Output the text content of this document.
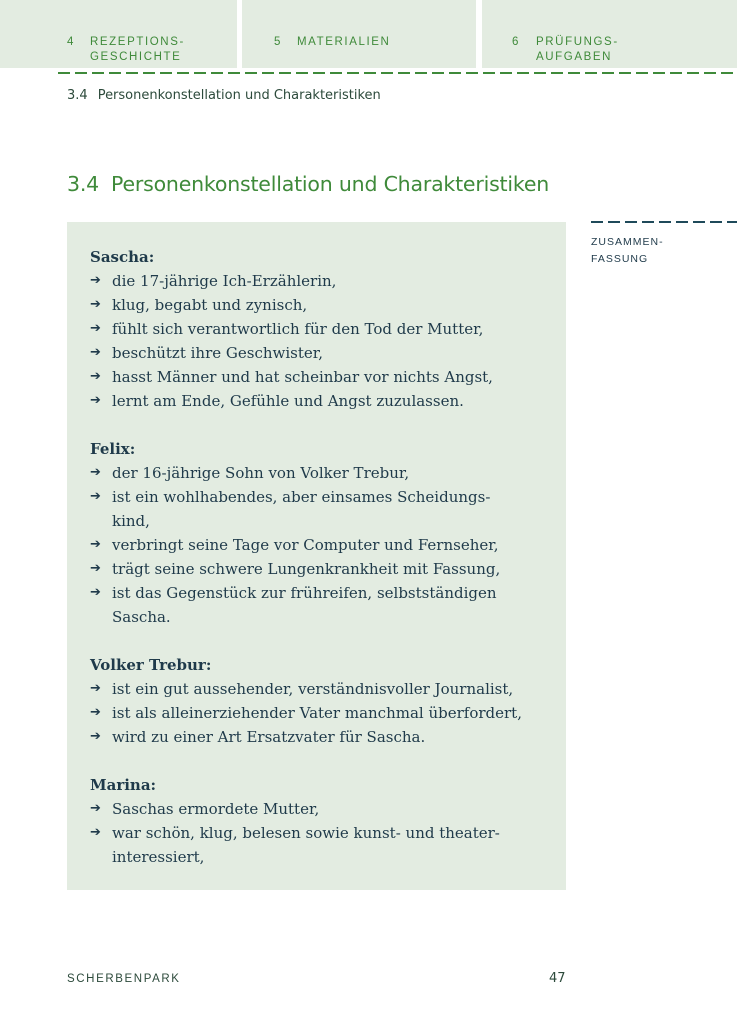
4 REZEPTIONS-
GESCHICHTE
5 MATERIALIEN	6 PRÜFUNGS-
AUFGABEN
3.4 Personenkonstellation und Charakteristiken
3.4 Personenkonstellation und Charakteristiken
ZUSAMMEN-
FASSUNG
Sascha:
➔ die 17-jährige Ich-Erzählerin,
➔ klug, begabt und zynisch,
➔ fühlt sich verantwortlich für den Tod der Mutter,
➔ beschützt ihre Geschwister,
➔ hasst Männer und hat scheinbar vor nichts Angst,
➔ lernt am Ende, Gefühle und Angst zuzulassen.
Felix:
➔ der 16-jährige Sohn von Volker Trebur,
➔ ist ein wohlhabendes, aber einsames Scheidungs-
kind,
➔ verbringt seine Tage vor Computer und Fernseher,
➔ trägt seine schwere Lungenkrankheit mit Fassung,
➔ ist das Gegenstück zur frühreifen, selbstständigen
Sascha.
Volker Trebur:
➔ ist ein gut aussehender, verständnisvoller Journalist,
➔ ist als alleinerziehender Vater manchmal überfordert,
➔ wird zu einer Art Ersatzvater für Sascha.
Marina:
➔ Saschas ermordete Mutter,
➔ war schön, klug, belesen sowie kunst- und theater-
interessiert,
SCHERBENPARK	47
